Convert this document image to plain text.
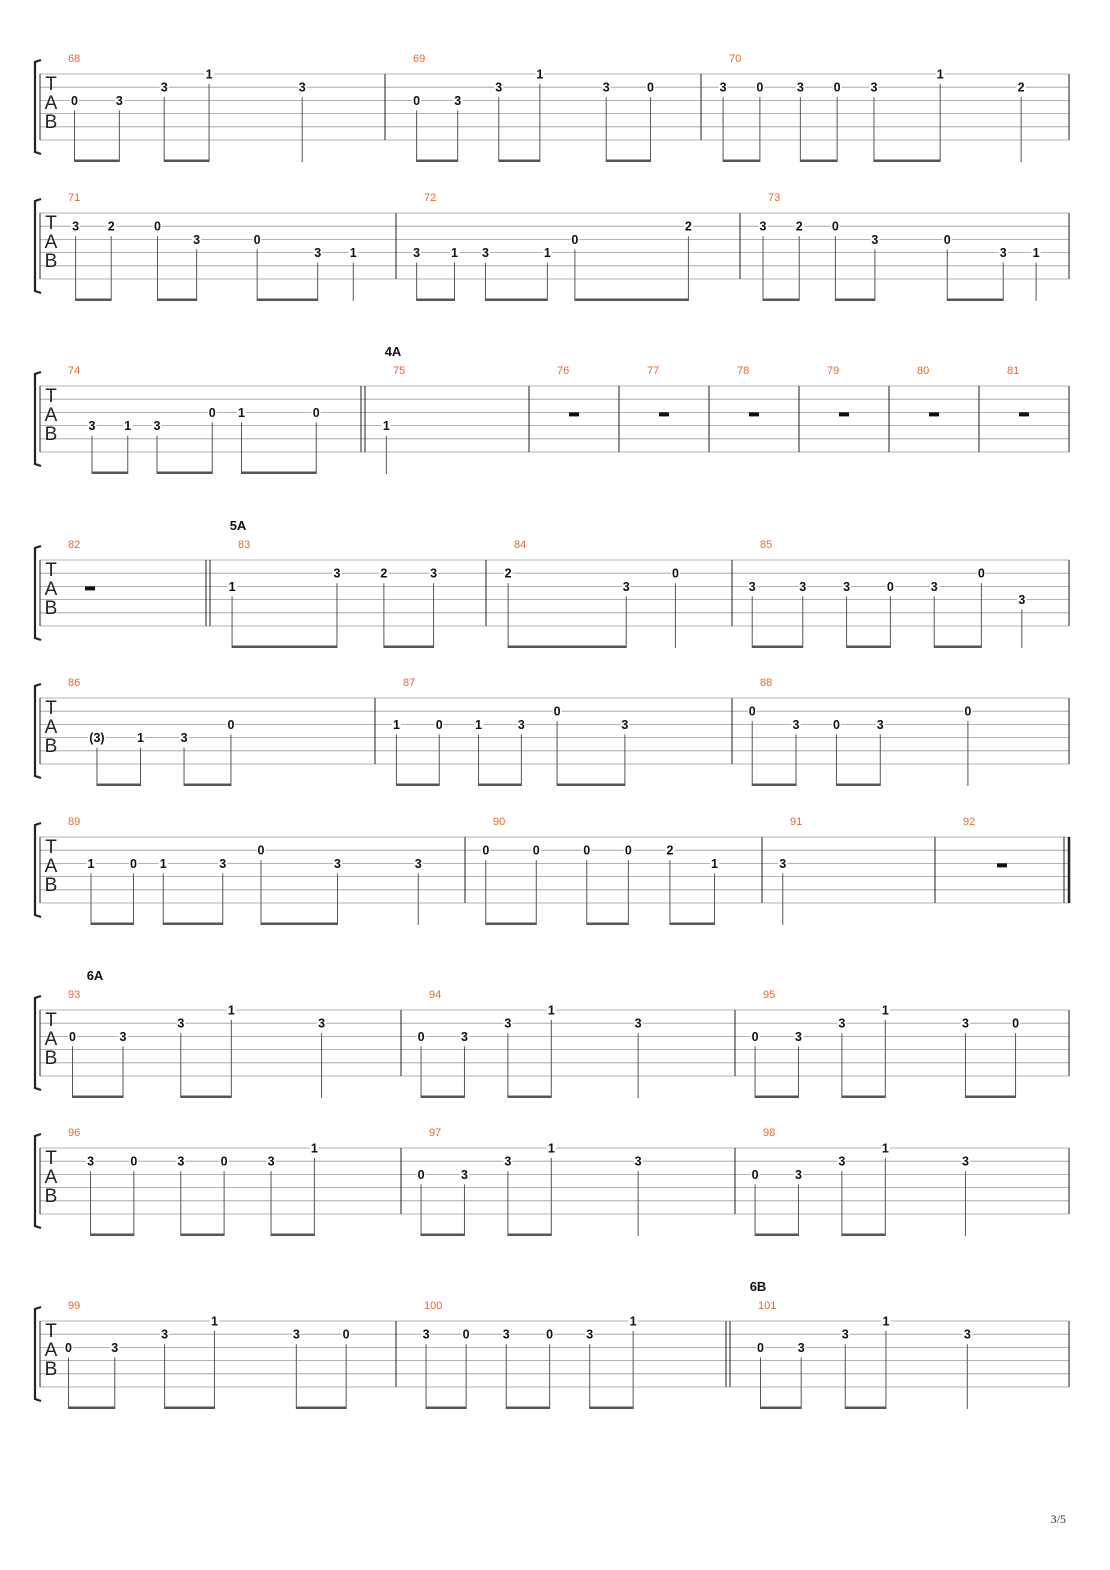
T
A
B
68
0	3
3
1
3
69
0	3
3
1
3	0
70
3 0	3 0 3
1
2
T
A
B
71
3 2	0
3	0
3 1
72
3 1 3	1
0
2
73
3 2 0
3	0
3 1
T
A
B
74
3 1 3
0 1	0
75
4A
1
76	77	78	79	80	81
T
A
B
82	83
5A
1
3	2	3
84
2
3
0
85
3	3	3	0	3
0
3
T
A
B
86
(3)	1	3
0
87
1	0	1	3
0
3
88
0
3	0	3
0
T
A
B
89
1	0 1	3
0
3	3
90
0	0	0	0	2
1
91
3
92
T
A
B
93
6A
0	3
3
1
3
94
0	3
3
1
3
95
0	3
3
1
3	0
T
A
B
96
3	0	3	0	3
1
97
0	3
3
1
3
98
0	3
3
1
3
T
A
B
99
0	3
3
1
3	0
100
3	0	3	0	3
1
101
6B
0	3
3
1
3
3/5
